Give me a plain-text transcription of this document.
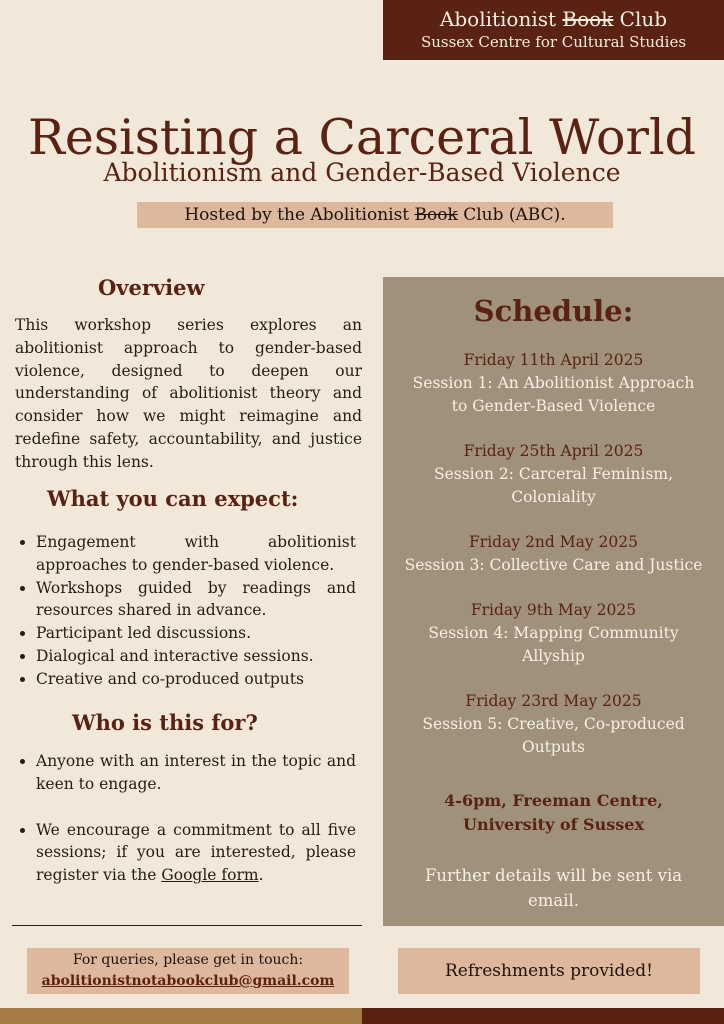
Abolitionist Book Club
Sussex Centre for Cultural Studies
Resisting a Carceral World
Abolitionism and Gender-Based Violence
Hosted by the Abolitionist Book Club (ABC).
Overview

This workshop series explores an abolitionist approach to gender-based violence, designed to deepen our understanding of abolitionist theory and consider how we might reimagine and redefine safety, accountability, and justice through this lens.

What you can expect:
Engagement with abolitionist approaches to gender-based violence.
Workshops guided by readings and resources shared in advance.
Participant led discussions.
Dialogical and interactive sessions.
Creative and co-produced outputs
Who is this for?
Anyone with an interest in the topic and keen to engage.
We encourage a commitment to all five sessions; if you are interested, please register via the Google form.
Schedule:
Friday 11th April 2025
Session 1: An Abolitionist Approach to Gender-Based Violence
Friday 25th April 2025
Session 2: Carceral Feminism, Coloniality
Friday 2nd May 2025
Session 3: Collective Care and Justice
Friday 9th May 2025
Session 4: Mapping Community Allyship
Friday 23rd May 2025
Session 5: Creative, Co-produced Outputs
4-6pm, Freeman Centre,
University of Sussex
Further details will be sent via email.
For queries, please get in touch:
abolitionistnotabookclub@gmail.com	Refreshments provided!
